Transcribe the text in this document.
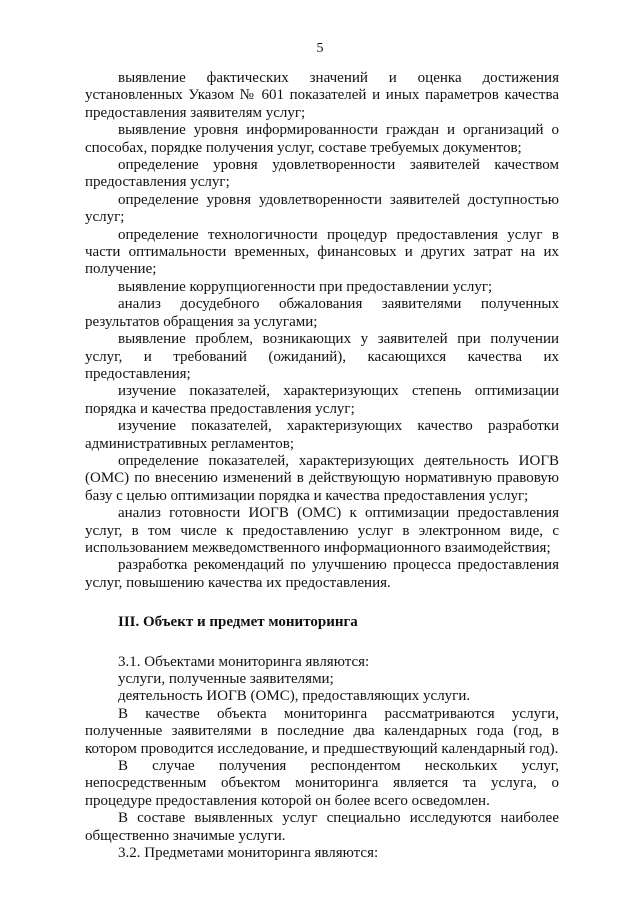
5

выявление фактических значений и оценка достижения установленных Указом № 601 показателей и иных параметров качества предоставления заявителям услуг;

выявление уровня информированности граждан и организаций о способах, порядке получения услуг, составе требуемых документов;

определение уровня удовлетворенности заявителей качеством предоставления услуг;

определение уровня удовлетворенности заявителей доступностью услуг;

определение технологичности процедур предоставления услуг в части оптимальности временных, финансовых и других затрат на их получение;

выявление коррупциогенности при предоставлении услуг;

анализ досудебного обжалования заявителями полученных результатов обращения за услугами;

выявление проблем, возникающих у заявителей при получении услуг, и требований (ожиданий), касающихся качества их предоставления;

изучение показателей, характеризующих степень оптимизации порядка и качества предоставления услуг;

изучение показателей, характеризующих качество разработки административных регламентов;

определение показателей, характеризующих деятельность ИОГВ (ОМС) по внесению изменений в действующую нормативную правовую базу с целью оптимизации порядка и качества предоставления услуг;

анализ готовности ИОГВ (ОМС) к оптимизации предоставления услуг, в том числе к предоставлению услуг в электронном виде, с использованием межведомственного информационного взаимодействия;

разработка рекомендаций по улучшению процесса предоставления услуг, повышению качества их предоставления.

III. Объект и предмет мониторинга

3.1. Объектами мониторинга являются:

услуги, полученные заявителями;

деятельность ИОГВ (ОМС), предоставляющих услуги.

В качестве объекта мониторинга рассматриваются услуги, полученные заявителями в последние два календарных года (год, в котором проводится исследование, и предшествующий календарный год).

В случае получения респондентом нескольких услуг, непосредственным объектом мониторинга является та услуга, о процедуре предоставления которой он более всего осведомлен.

В составе выявленных услуг специально исследуются наиболее общественно значимые услуги.

3.2. Предметами мониторинга являются:
